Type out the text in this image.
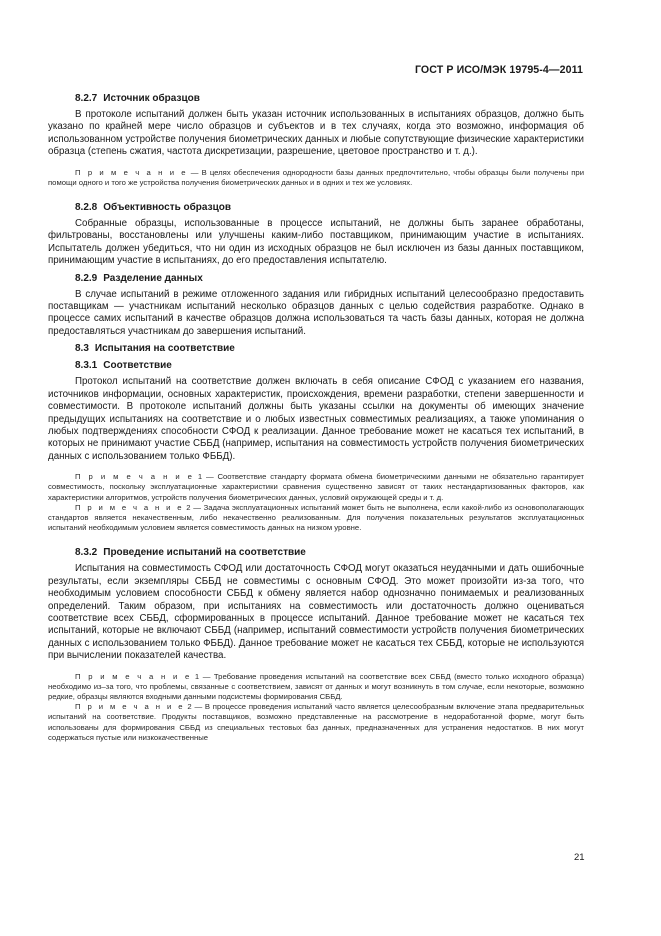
ГОСТ Р ИСО/МЭК 19795-4—2011
8.2.7 Источник образцов

В протоколе испытаний должен быть указан источник использованных в испытаниях образцов, должно быть указано по крайней мере число образцов и субъектов и в тех случаях, когда это возможно, информация об использованном устройстве получения биометрических данных и любые сопутствующие физические характеристики образца (степень сжатия, частота дискретизации, разрешение, цветовое пространство и т. д.).

П р и м е ч а н и е — В целях обеспечения однородности базы данных предпочтительно, чтобы образцы были получены при помощи одного и того же устройства получения биометрических данных и в одних и тех же условиях.

8.2.8 Объективность образцов

Собранные образцы, использованные в процессе испытаний, не должны быть заранее обработаны, фильтрованы, восстановлены или улучшены каким-либо поставщиком, принимающим участие в испытаниях. Испытатель должен убедиться, что ни один из исходных образцов не был исключен из базы данных поставщиком, принимающим участие в испытаниях, до его предоставления испытателю.

8.2.9 Разделение данных

В случае испытаний в режиме отложенного задания или гибридных испытаний целесообразно предоставить поставщикам — участникам испытаний несколько образцов данных с целью содействия разработке. Однако в процессе самих испытаний в качестве образцов должна использоваться та часть базы данных, которая не должна предоставляться участникам до завершения испытаний.

8.3 Испытания на соответствие
8.3.1 Соответствие

Протокол испытаний на соответствие должен включать в себя описание СФОД с указанием его названия, источников информации, основных характеристик, происхождения, времени разработки, степени завершенности и совместимости. В протоколе испытаний должны быть указаны ссылки на документы об имеющих значение предыдущих испытаниях на соответствие и о любых известных совместимых реализациях, а также упоминания о любых подтверждениях способности СФОД к реализации. Данное требование может не касаться тех испытаний, в которых не принимают участие СББД (например, испытания на совместимость устройств получения биометрических данных с использованием только ФББД).

П р и м е ч а н и е 1 — Соответствие стандарту формата обмена биометрическими данными не обязательно гарантирует совместимость, поскольку эксплуатационные характеристики сравнения существенно зависят от таких нестандартизованных факторов, как характеристики алгоритмов, устройств получения биометрических данных, условий окружающей среды и т. д.

П р и м е ч а н и е 2 — Задача эксплуатационных испытаний может быть не выполнена, если какой-либо из основополагающих стандартов является некачественным, либо некачественно реализованным. Для получения показательных результатов эксплуатационных испытаний необходимым условием является совместимость данных на низком уровне.

8.3.2 Проведение испытаний на соответствие

Испытания на совместимость СФОД или достаточность СФОД могут оказаться неудачными и дать ошибочные результаты, если экземпляры СББД не совместимы с основным СФОД. Это может произойти из-за того, что необходимым условием способности СББД к обмену является набор однозначно понимаемых и реализованных определений. Таким образом, при испытаниях на совместимость или достаточность должно оцениваться соответствие всех СББД, сформированных в процессе испытаний. Данное требование может не касаться тех испытаний, которые не включают СББД (например, испытаний совместимости устройств получения биометрических данных с использованием только ФББД). Данное требование может не касаться тех СББД, которые не используются при вычислении показателей качества.

П р и м е ч а н и е 1 — Требование проведения испытаний на соответствие всех СББД (вместо только исходного образца) необходимо из–за того, что проблемы, связанные с соответствием, зависят от данных и могут возникнуть в том случае, если некоторые, возможно редкие, образцы являются входными данными подсистемы формирования СББД.

П р и м е ч а н и е 2 — В процессе проведения испытаний часто является целесообразным включение этапа предварительных испытаний на соответствие. Продукты поставщиков, возможно представленные на рассмотрение в недоработанной форме, могут быть использованы для формирования СББД из специальных тестовых баз данных, предназначенных для устранения недостатков. В них могут содержаться пустые или низкокачественные

21
